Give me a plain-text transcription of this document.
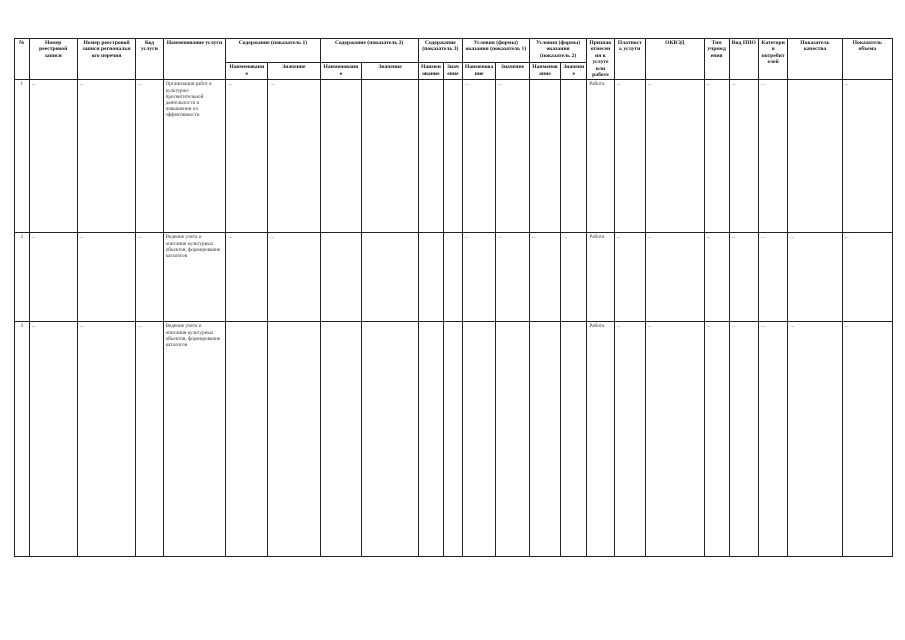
№	Номер реестровой записи	Номер реестровой записи региональн ого перечня	Код услуги	Наименование услуги	Содержание (показатель 1)		Содержание (показатель 2)		Содержание (показатель 3)		Условия (формы) оказания (показатель 1)		Условия (формы) оказания (показатель 2)		Признак отнесения к услуге или работе	Платность услуги	ОКВЭД	Тип учреждения	Вид ППО	Категория потребителей	Показатель качества	Показатель объема
					Наименование	Значение	Наименование	Значение	Наименование	Значение	Наименование	Значение	Наименование	Значение								
1	...	...	...	Организация работ в культурно-просветительной деятельности и повышении их эффективности	...	...					...	...			Работа	...	...	...	...	...		...
2	...	...	...	Ведение учета и описания культурных объектов, формирование каталогов	...	...					...	...	...	...	Работа	...	...	...	...	...	...	...
3	...	...	...	Ведение учета и описания культурных объектов, формирование каталогов											Работа	...	...	...	...	...	...	...
